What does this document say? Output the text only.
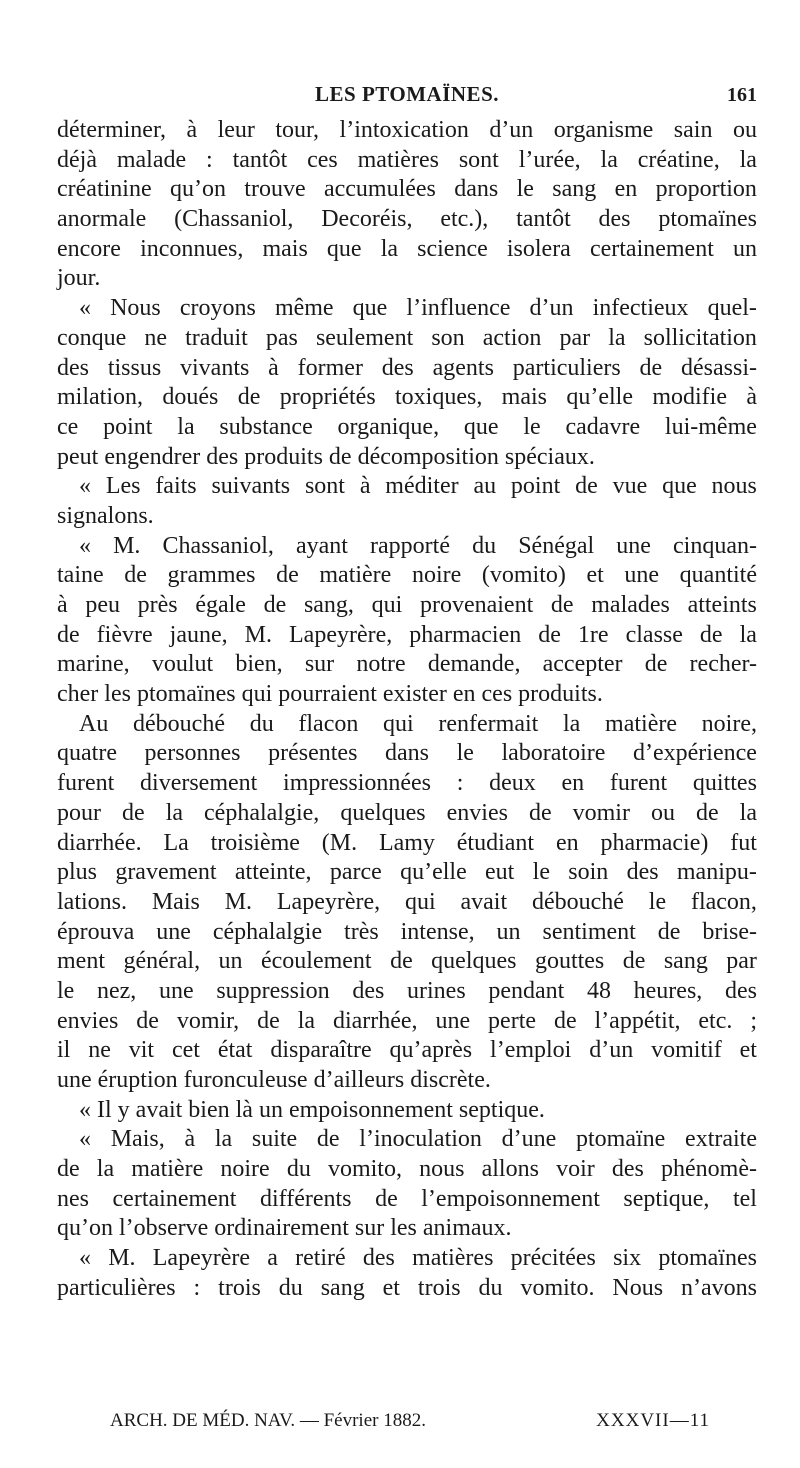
LES PTOMAÏNES.	161
déterminer, à leur tour, l’intoxication d’un organisme sain ou
déjà malade : tantôt ces matières sont l’urée, la créatine, la
créatinine qu’on trouve accumulées dans le sang en proportion
anormale (Chassaniol, Decoréis, etc.), tantôt des ptomaïnes
encore inconnues, mais que la science isolera certainement un
jour.
« Nous croyons même que l’influence d’un infectieux quel-
conque ne traduit pas seulement son action par la sollicitation
des tissus vivants à former des agents particuliers de désassi-
milation, doués de propriétés toxiques, mais qu’elle modifie à
ce point la substance organique, que le cadavre lui-même
peut engendrer des produits de décomposition spéciaux.
« Les faits suivants sont à méditer au point de vue que nous
signalons.
« M. Chassaniol, ayant rapporté du Sénégal une cinquan-
taine de grammes de matière noire (vomito) et une quantité
à peu près égale de sang, qui provenaient de malades atteints
de fièvre jaune, M. Lapeyrère, pharmacien de 1re classe de la
marine, voulut bien, sur notre demande, accepter de recher-
cher les ptomaïnes qui pourraient exister en ces produits.
Au débouché du flacon qui renfermait la matière noire,
quatre personnes présentes dans le laboratoire d’expérience
furent diversement impressionnées : deux en furent quittes
pour de la céphalalgie, quelques envies de vomir ou de la
diarrhée. La troisième (M. Lamy étudiant en pharmacie) fut
plus gravement atteinte, parce qu’elle eut le soin des manipu-
lations. Mais M. Lapeyrère, qui avait débouché le flacon,
éprouva une céphalalgie très intense, un sentiment de brise-
ment général, un écoulement de quelques gouttes de sang par
le nez, une suppression des urines pendant 48 heures, des
envies de vomir, de la diarrhée, une perte de l’appétit, etc. ;
il ne vit cet état disparaître qu’après l’emploi d’un vomitif et
une éruption furonculeuse d’ailleurs discrète.
« Il y avait bien là un empoisonnement septique.
« Mais, à la suite de l’inoculation d’une ptomaïne extraite
de la matière noire du vomito, nous allons voir des phénomè-
nes certainement différents de l’empoisonnement septique, tel
qu’on l’observe ordinairement sur les animaux.
« M. Lapeyrère a retiré des matières précitées six ptomaïnes
particulières : trois du sang et trois du vomito. Nous n’avons
ARCH. DE MÉD. NAV. — Février 1882.	XXXVII—11
